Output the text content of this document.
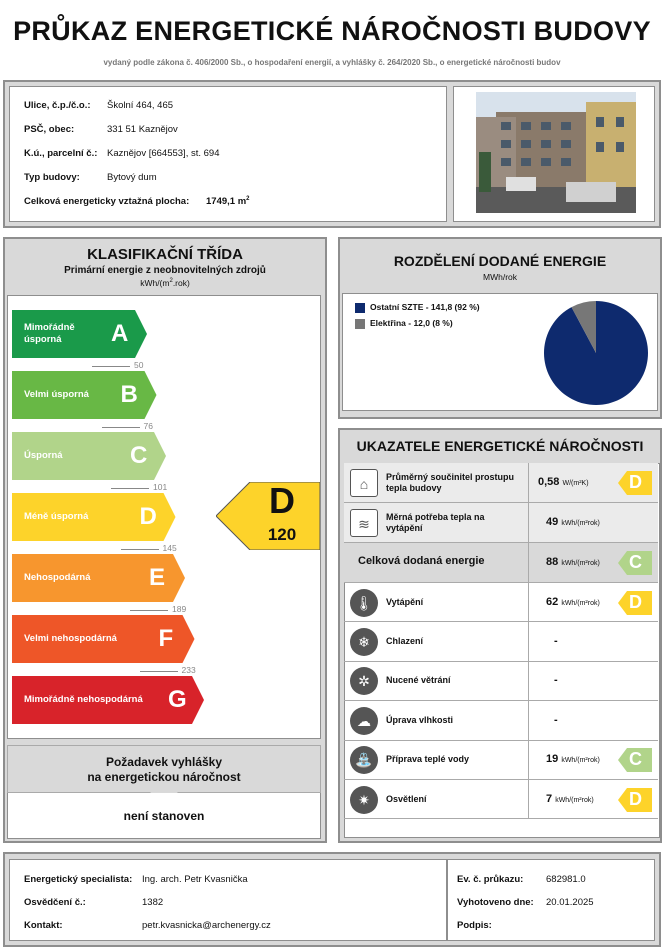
PRŮKAZ ENERGETICKÉ NÁROČNOSTI BUDOVY
vydaný podle zákona č. 406/2000 Sb., o hospodaření energií, a vyhlášky č. 264/2020 Sb., o energetické náročnosti budov
Ulice, č.p./č.o.: Školní 464, 465
PSČ, obec:	331 51 Kaznějov
K.ú., parcelní č.: Kaznějov [664553], st. 694
Typ budovy:	Bytový dum
Celková energeticky vztažná plocha: 1749,1 $m^2$
KLASIFIKAČNÍ TŘÍDA
Primární energie z neobnovitelných zdrojů
kWh/$(m^2.rok)$
Mimořádně úsporná	A
50
Velmi úsporná	B
76
Úsporná	C
101
Méně úsporná	D
145
Nehospodárná	E
189
Velmi nehospodárná	F
233
Mimořádně nehospodárná	G
D
120
Požadavek vyhlášky
na energetickou náročnost
není stanoven
ROZDĚLENÍ DODANÉ ENERGIE
MWh/rok
Ostatní SZTE - 141,8 (92 %)
Elektřina - 12,0 (8 %)
UKAZATELE ENERGETICKÉ NÁROČNOSTI
⌂	Průměrný součinitel prostupu tepla budovy	0,58 W/(m²K) D
≋	Měrná potřeba tepla na vytápění	49 kWh/(m²rok)
Celková dodaná energie	88 kWh/(m²rok) C
🌡	Vytápění	62 kWh/(m²rok) D
❄	Chlazení	-
✲	Nucené větrání	-
☁	Úprava vlhkosti	-
⛲	Příprava teplé vody	19 kWh/(m²rok) C
✷	Osvětlení	7 kWh/(m²rok) D
Energetický specialista: Ing. arch. Petr Kvasnička
Osvědčení č.:	1382
Kontakt:	petr.kvasnicka@archenergy.cz
Ev. č. průkazu: 682981.0
Vyhotoveno dne: 20.01.2025
Podpis:
